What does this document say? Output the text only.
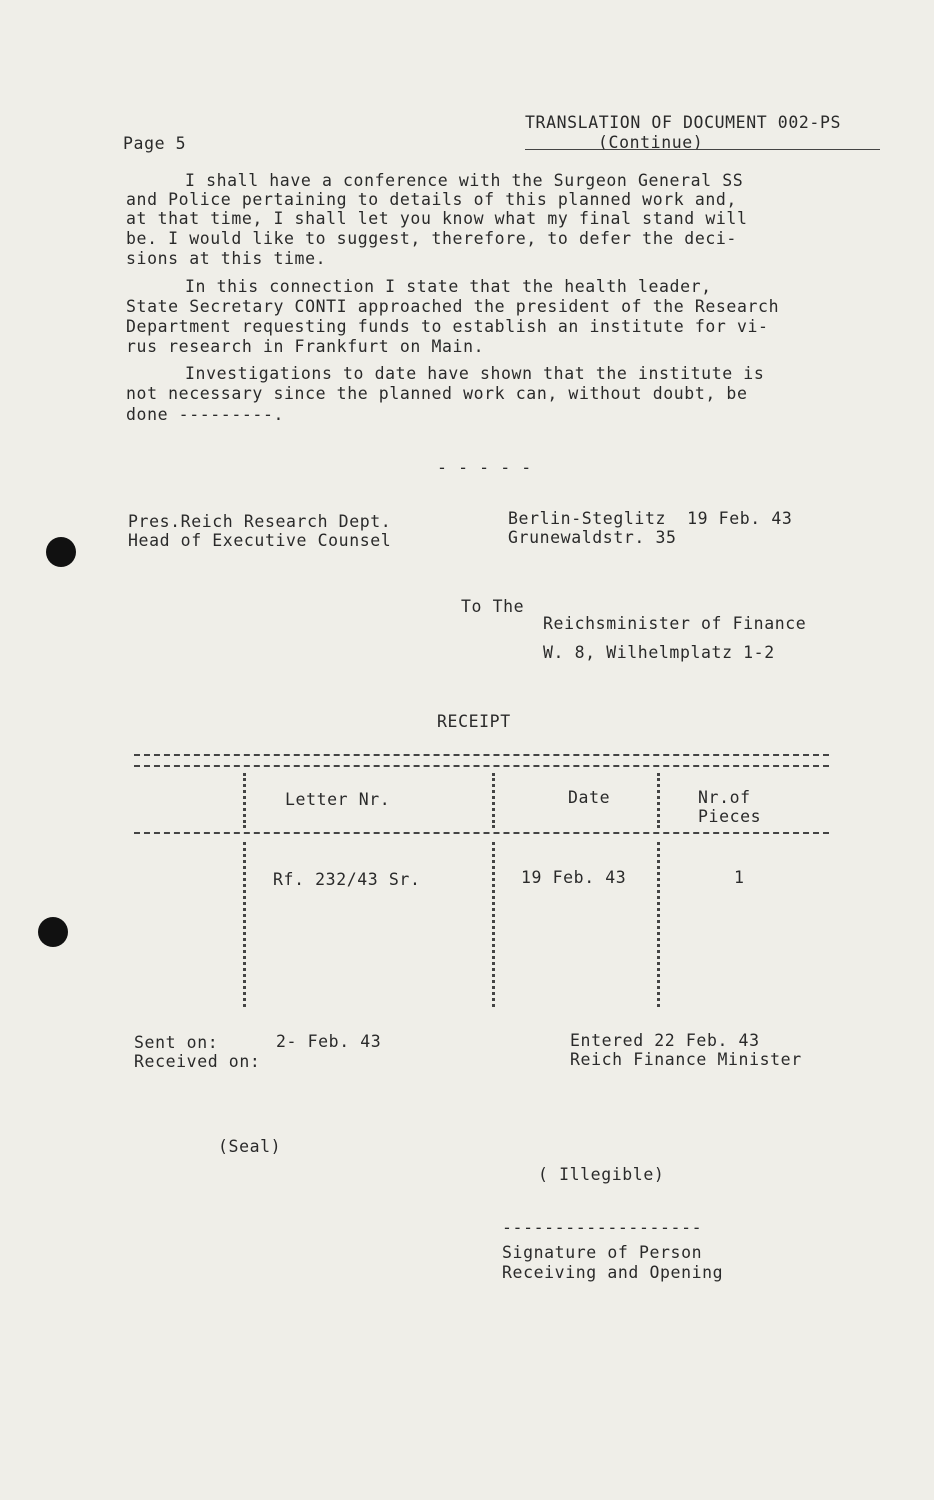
Page 5
TRANSLATION OF DOCUMENT 002-PS
(Continue)
I shall have a conference with the Surgeon General SS
and Police pertaining to details of this planned work and,
at that time, I shall let you know what my final stand will
be. I would like to suggest, therefore, to defer the deci-
sions at this time.
In this connection I state that the health leader,
State Secretary CONTI approached the president of the Research
Department requesting funds to establish an institute for vi-
rus research in Frankfurt on Main.
Investigations to date have shown that the institute is
not necessary since the planned work can, without doubt, be
done ---------.
- - - - -
Pres.Reich Research Dept.
Head of Executive Counsel
Berlin-Steglitz  19 Feb. 43
Grunewaldstr. 35
To The
Reichsminister of Finance
W. 8, Wilhelmplatz 1-2
RECEIPT
Letter Nr.	Date	Nr.of
Pieces
Rf. 232/43 Sr.	19 Feb. 43	1
Sent on:	2- Feb. 43
Received on:
Entered 22 Feb. 43
Reich Finance Minister
(Seal)
( Illegible)
-------------------
Signature of Person
Receiving and Opening
